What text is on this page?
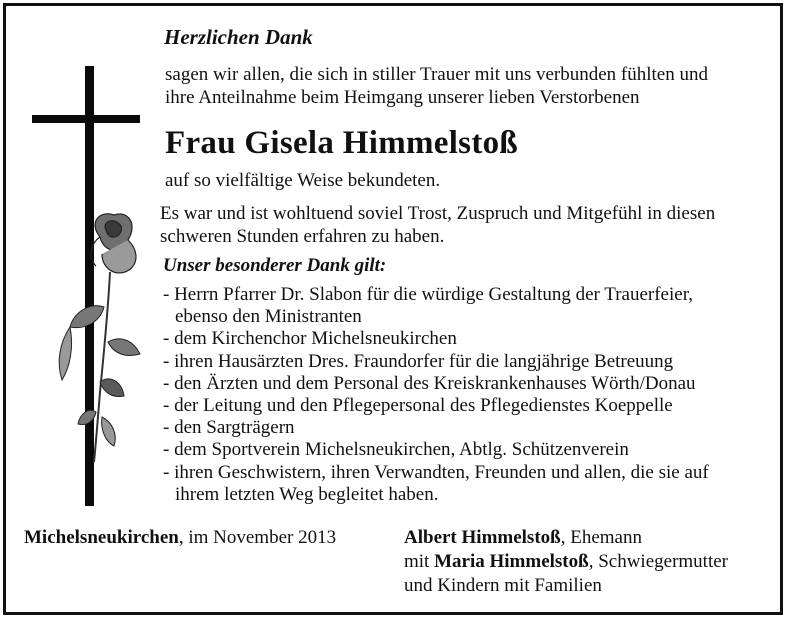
Herzlichen Dank
sagen wir allen, die sich in stiller Trauer mit uns verbunden fühlten und
ihre Anteilnahme beim Heimgang unserer lieben Verstorbenen
Frau Gisela Himmelstoß
auf so vielfältige Weise bekundeten.
Es war und ist wohltuend soviel Trost, Zuspruch und Mitgefühl in diesen
schweren Stunden erfahren zu haben.
Unser besonderer Dank gilt:
- Herrn Pfarrer Dr. Slabon für die würdige Gestaltung der Trauerfeier,
ebenso den Ministranten
- dem Kirchenchor Michelsneukirchen
- ihren Hausärzten Dres. Fraundorfer für die langjährige Betreuung
- den Ärzten und dem Personal des Kreiskrankenhauses Wörth/Donau
- der Leitung und den Pflegepersonal des Pflegedienstes Koeppelle
- den Sargträgern
- dem Sportverein Michelsneukirchen, Abtlg. Schützenverein
- ihren Geschwistern, ihren Verwandten, Freunden und allen, die sie auf
ihrem letzten Weg begleitet haben.
Michelsneukirchen, im November 2013	Albert Himmelstoß, Ehemann
mit Maria Himmelstoß, Schwiegermutter
und Kindern mit Familien
